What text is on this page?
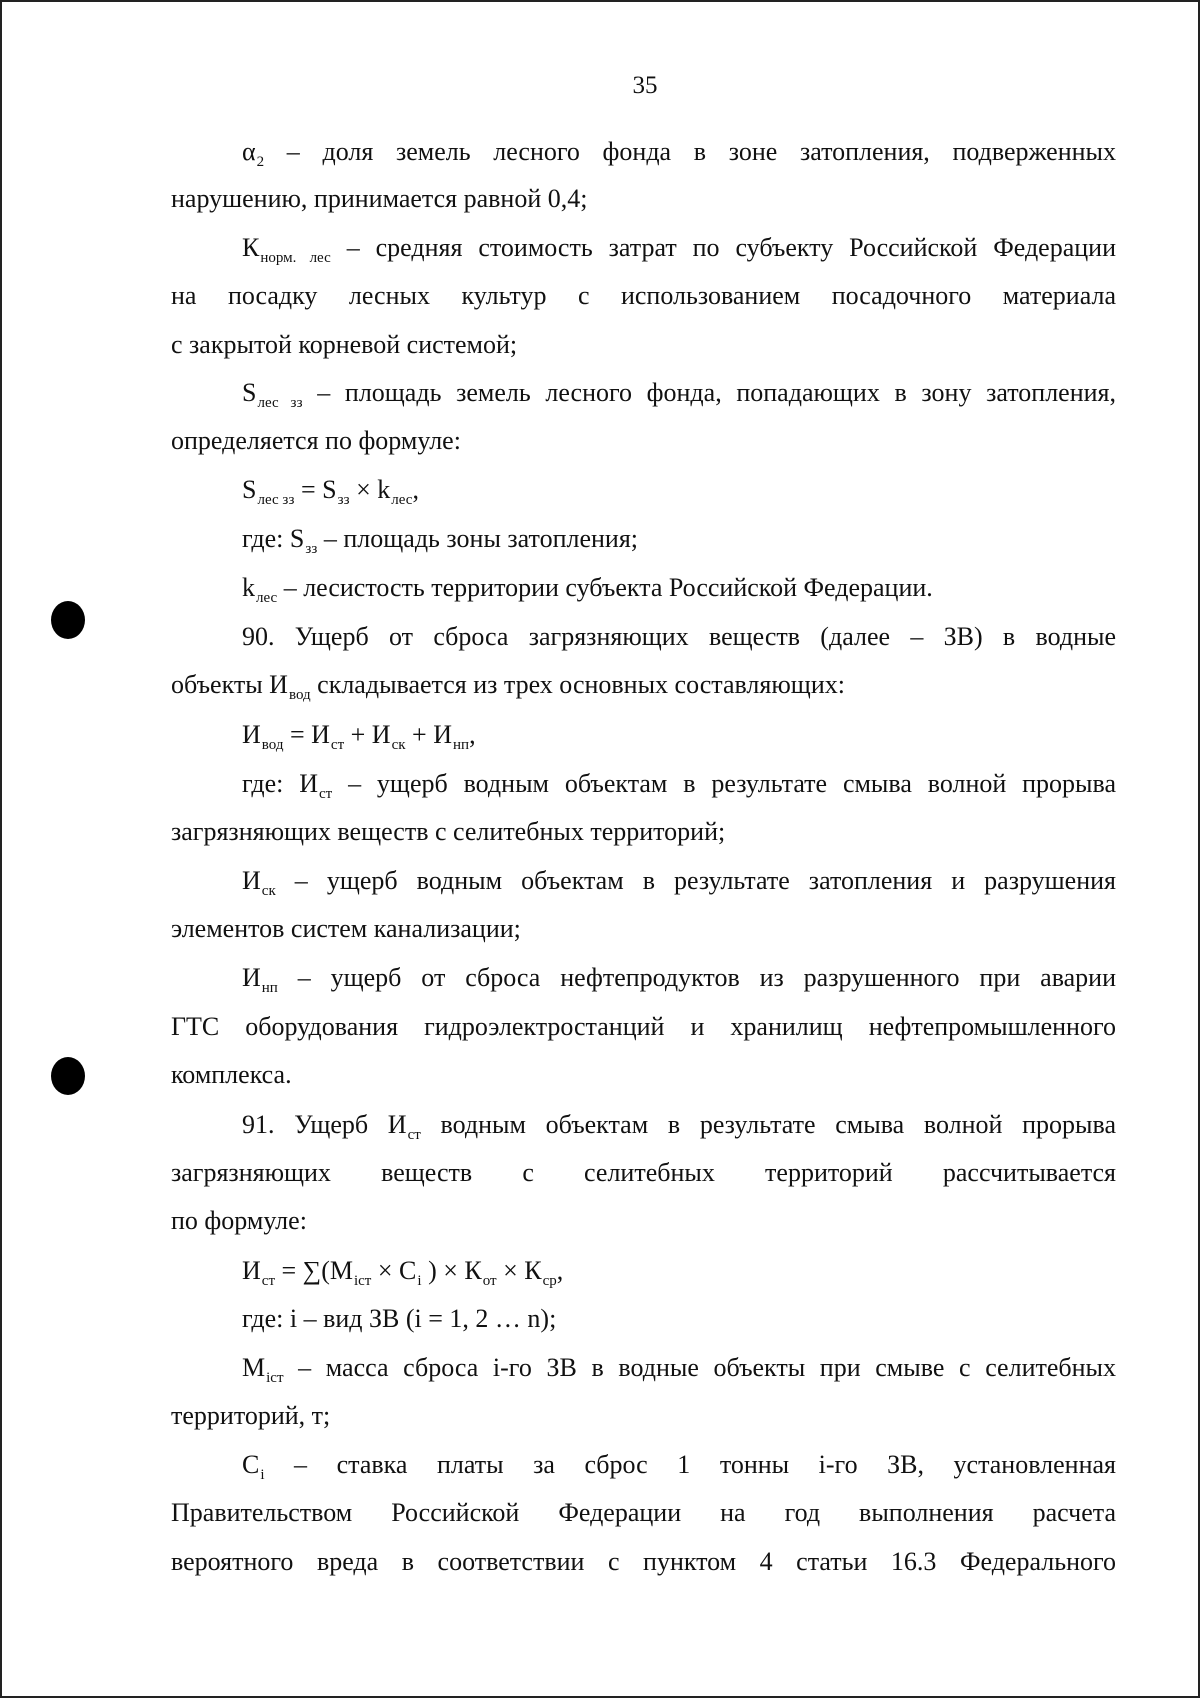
35
$\alpha_2$ – доля земель лесного фонда в зоне затопления, подверженных
нарушению, принимается равной 0,4;
$К_{норм. лес}$ – средняя стоимость затрат по субъекту Российской Федерации
на посадку лесных культур с использованием посадочного материала
с закрытой корневой системой;
$S_{лес зз}$ – площадь земель лесного фонда, попадающих в зону затопления,
определяется по формуле:
$S_{лес зз} = S_{зз} \times k_{лес}$,
где: $S_{зз}$ – площадь зоны затопления;
$k_{лес}$ – лесистость территории субъекта Российской Федерации.
90. Ущерб от сброса загрязняющих веществ (далее – ЗВ) в водные
объекты $И_{вод}$ складывается из трех основных составляющих:
$И_{вод} = И_{ст} + И_{ск} + И_{нп}$,
где: $И_{ст}$ – ущерб водным объектам в результате смыва волной прорыва
загрязняющих веществ с селитебных территорий;
$И_{ск}$ – ущерб водным объектам в результате затопления и разрушения
элементов систем канализации;
$И_{нп}$ – ущерб от сброса нефтепродуктов из разрушенного при аварии
ГТС оборудования гидроэлектростанций и хранилищ нефтепромышленного
комплекса.
91. Ущерб $И_{ст}$ водным объектам в результате смыва волной прорыва
загрязняющих веществ с селитебных территорий рассчитывается
по формуле:
$И_{ст} = \sum(M_{iст} \times C_i$ ) × $К_{от} \times К_{ср}$,
где: i – вид ЗВ (i = 1, 2 … n);
$M_{iст}$ – масса сброса i-го ЗВ в водные объекты при смыве с селитебных
территорий, т;
$C_i$ – ставка платы за сброс 1 тонны i-го ЗВ, установленная
Правительством Российской Федерации на год выполнения расчета
вероятного вреда в соответствии с пунктом 4 статьи 16.3 Федерального
